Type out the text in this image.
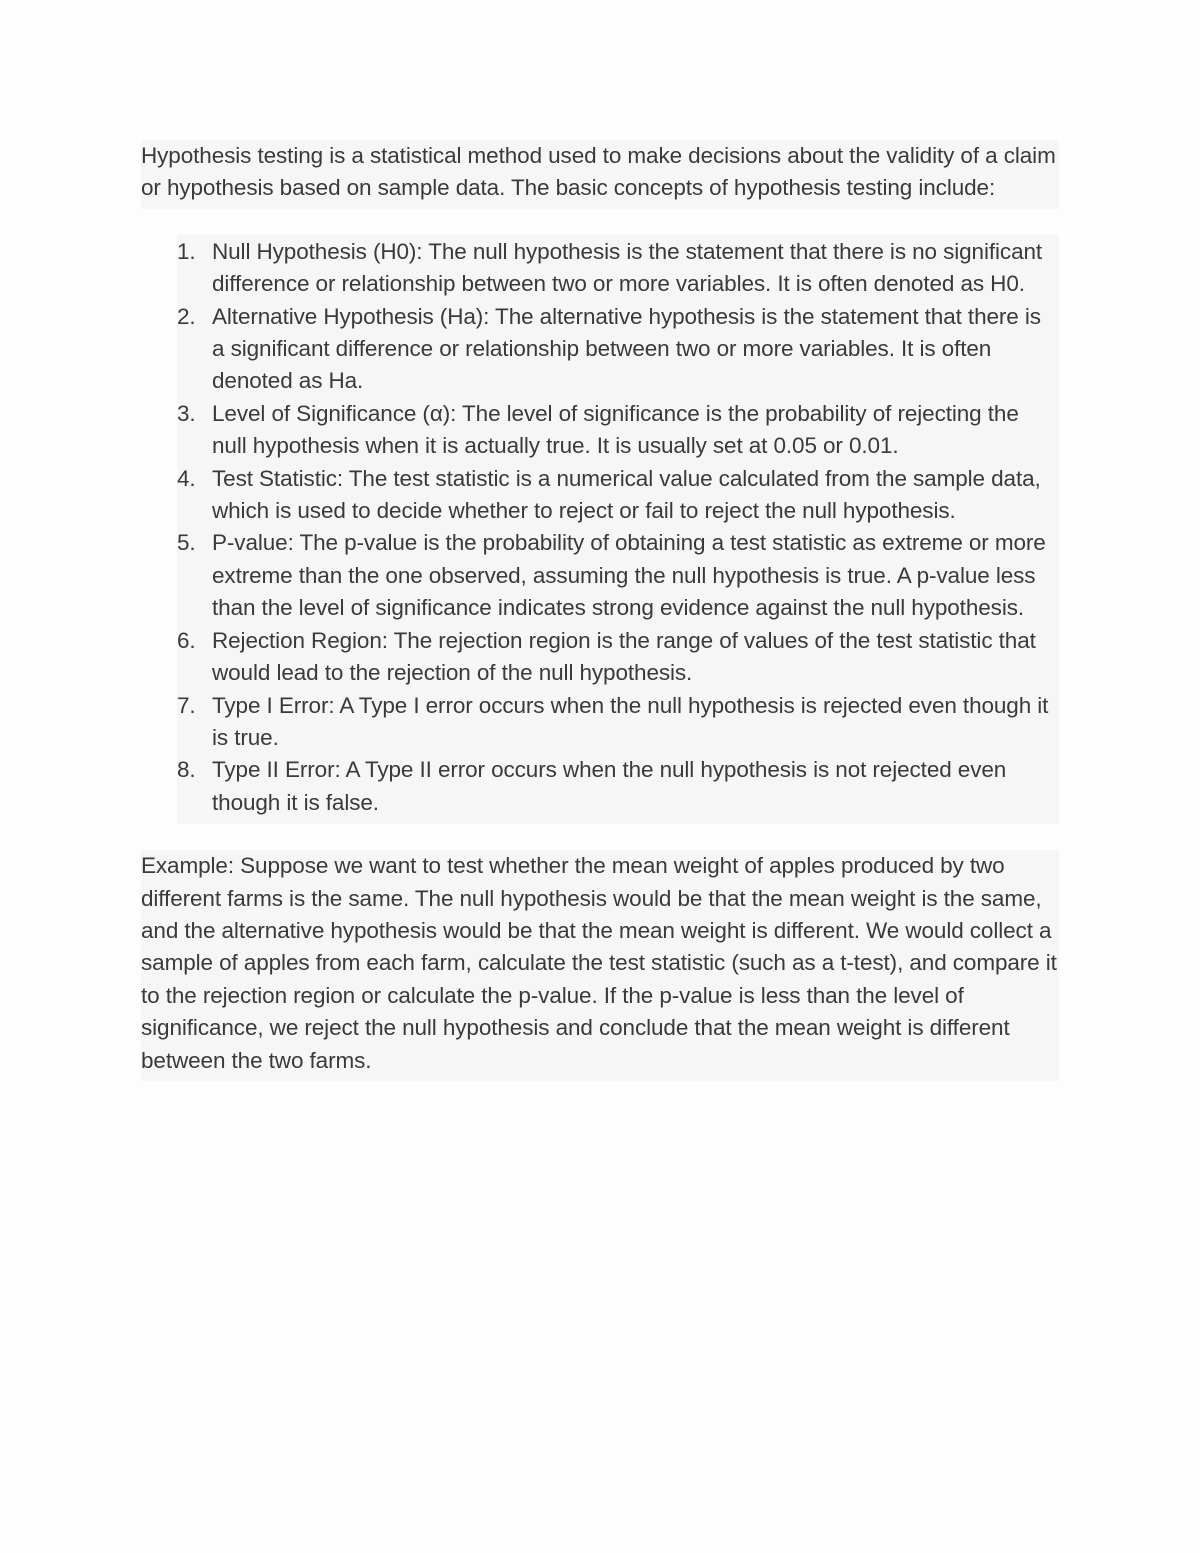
Hypothesis testing is a statistical method used to make decisions about the validity of a claim or hypothesis based on sample data. The basic concepts of hypothesis testing include:
1. Null Hypothesis (H0): The null hypothesis is the statement that there is no significant difference or relationship between two or more variables. It is often denoted as H0.
2. Alternative Hypothesis (Ha): The alternative hypothesis is the statement that there is a significant difference or relationship between two or more variables. It is often denoted as Ha.
3. Level of Significance (α): The level of significance is the probability of rejecting the null hypothesis when it is actually true. It is usually set at 0.05 or 0.01.
4. Test Statistic: The test statistic is a numerical value calculated from the sample data, which is used to decide whether to reject or fail to reject the null hypothesis.
5. P-value: The p-value is the probability of obtaining a test statistic as extreme or more extreme than the one observed, assuming the null hypothesis is true. A p-value less than the level of significance indicates strong evidence against the null hypothesis.
6. Rejection Region: The rejection region is the range of values of the test statistic that would lead to the rejection of the null hypothesis.
7. Type I Error: A Type I error occurs when the null hypothesis is rejected even though it is true.
8. Type II Error: A Type II error occurs when the null hypothesis is not rejected even though it is false.
Example: Suppose we want to test whether the mean weight of apples produced by two different farms is the same. The null hypothesis would be that the mean weight is the same, and the alternative hypothesis would be that the mean weight is different. We would collect a sample of apples from each farm, calculate the test statistic (such as a t-test), and compare it to the rejection region or calculate the p-value. If the p-value is less than the level of significance, we reject the null hypothesis and conclude that the mean weight is different between the two farms.
